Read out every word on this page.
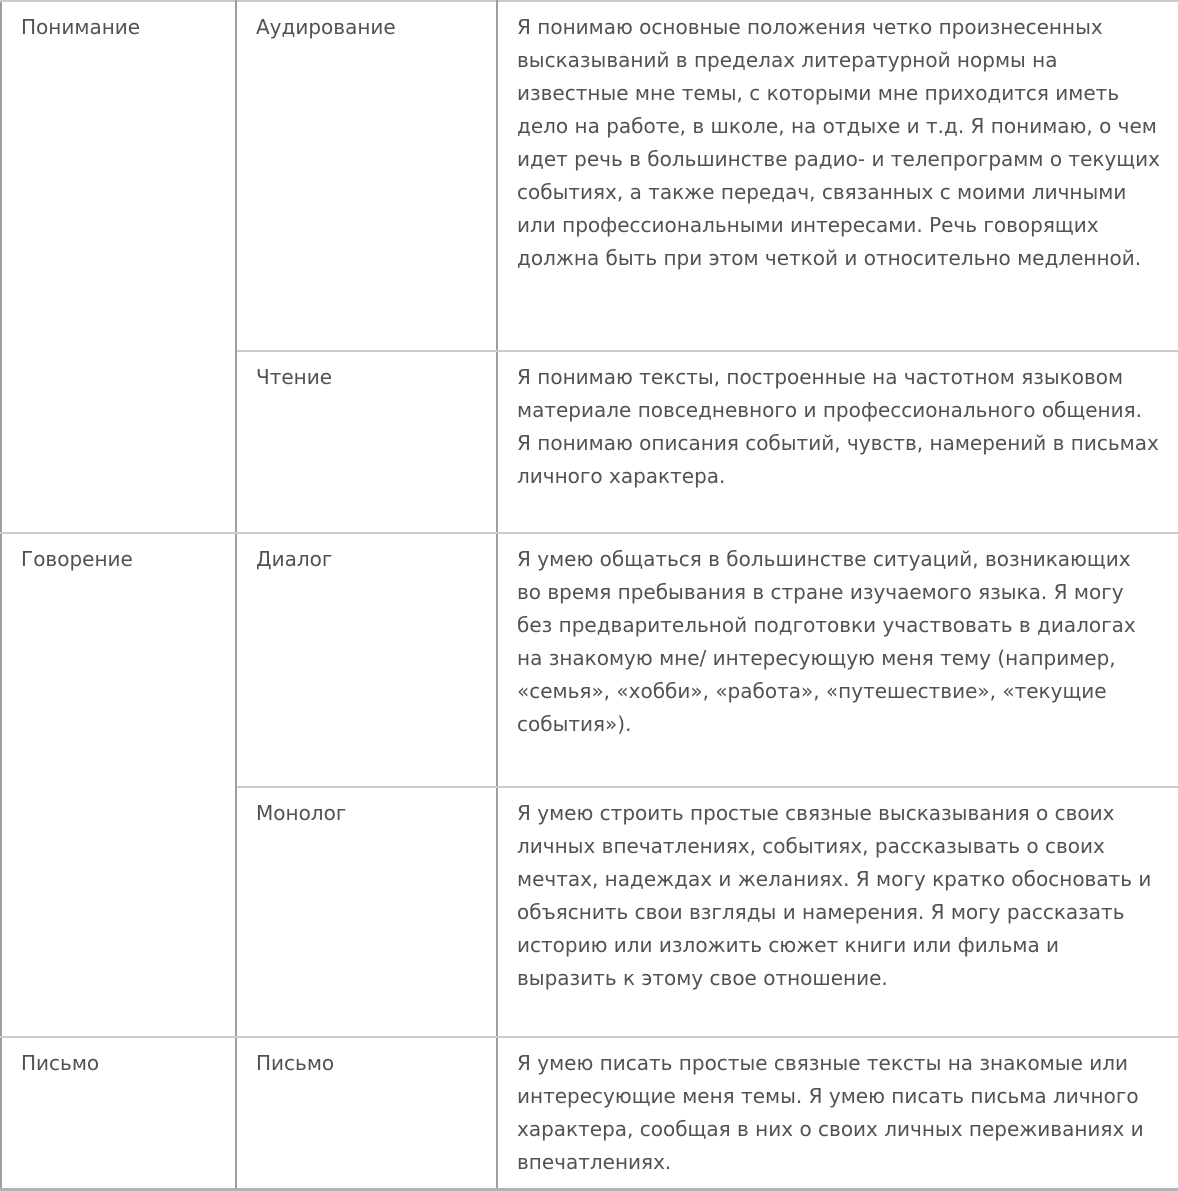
Понимание	Аудирование	Я понимаю основные положения четко произнесенных высказываний в пределах литературной нормы на известные мне темы, с которыми мне приходится иметь дело на работе, в школе, на отдыхе и т.д. Я понимаю, о чем идет речь в большинстве радио- и телепрограмм о текущих событиях, а также передач, связанных с моими личными или профессиональными интересами. Речь говорящих должна быть при этом четкой и относительно медленной.
	Чтение	Я понимаю тексты, построенные на частотном языковом материале повседневного и профессионального общения. Я понимаю описания событий, чувств, намерений в письмах личного характера.
Говорение	Диалог	Я умею общаться в большинстве ситуаций, возникающих во время пребывания в стране изучаемого языка. Я могу без предварительной подготовки участвовать в диалогах на знакомую мне/ интересующую меня тему (например, «семья», «хобби», «работа», «путешествие», «текущие события»).
	Монолог	Я умею строить простые связные высказывания о своих личных впечатлениях, событиях, рассказывать о своих мечтах, надеждах и желаниях. Я могу кратко обосновать и объяснить свои взгляды и намерения. Я могу рассказать историю или изложить сюжет книги или фильма и выразить к этому свое отношение.
Письмо	Письмо	Я умею писать простые связные тексты на знакомые или интересующие меня темы. Я умею писать письма личного характера, сообщая в них о своих личных переживаниях и впечатлениях.
